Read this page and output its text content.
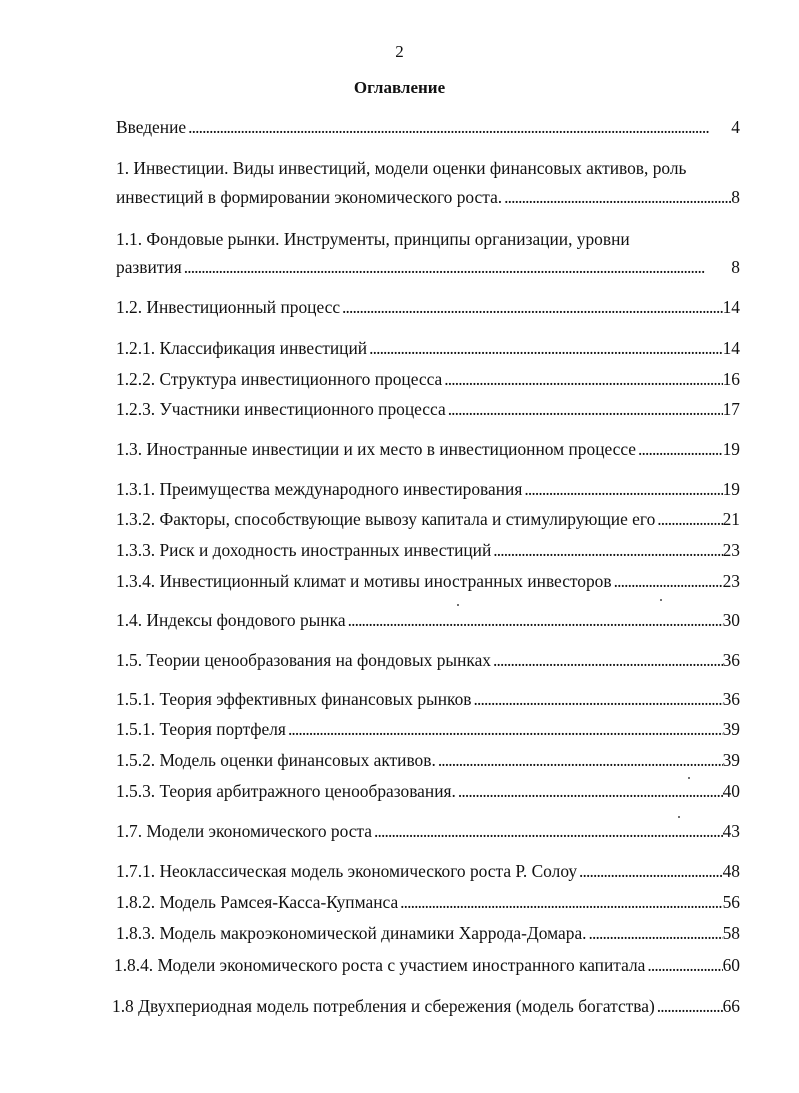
2
Оглавление
Введение . . .	4
1. Инвестиции. Виды инвестиций, модели оценки финансовых активов, роль
инвестиций в формировании экономического роста. . . .	8
1.1. Фондовые рынки. Инструменты, принципы организации, уровни
развития . . .	8
1.2. Инвестиционный процесс . . .	14
1.2.1. Классификация инвестиций . . .	14
1.2.2. Структура инвестиционного процесса . . .	16
1.2.3. Участники инвестиционного процесса . . .	17
1.3. Иностранные инвестиции и их место в инвестиционном процессе . . .	19
1.3.1. Преимущества международного инвестирования . . .	19
1.3.2. Факторы, способствующие вывозу капитала и стимулирующие его . . .	21
1.3.3. Риск и доходность иностранных инвестиций . . .	23
1.3.4. Инвестиционный климат и мотивы иностранных инвесторов . . .	23
1.4. Индексы фондового рынка . . .	30
1.5. Теории ценообразования на фондовых рынках . . .	36
1.5.1. Теория эффективных финансовых рынков . . .	36
1.5.1. Теория портфеля . . .	39
1.5.2. Модель оценки финансовых активов. . . .	39
1.5.3. Теория арбитражного ценообразования. . . .	40
1.7. Модели экономического роста . . .	43
1.7.1. Неоклассическая модель экономического роста Р. Солоу . . .	48
1.8.2. Модель Рамсея-Касса-Купманса . . .	56
1.8.3. Модель макроэкономической динамики Харрода-Домара. . . .	58
1.8.4. Модели экономического роста с участием иностранного капитала . . .	60
1.8 Двухпериодная модель потребления и сбережения (модель богатства) . . .	66
